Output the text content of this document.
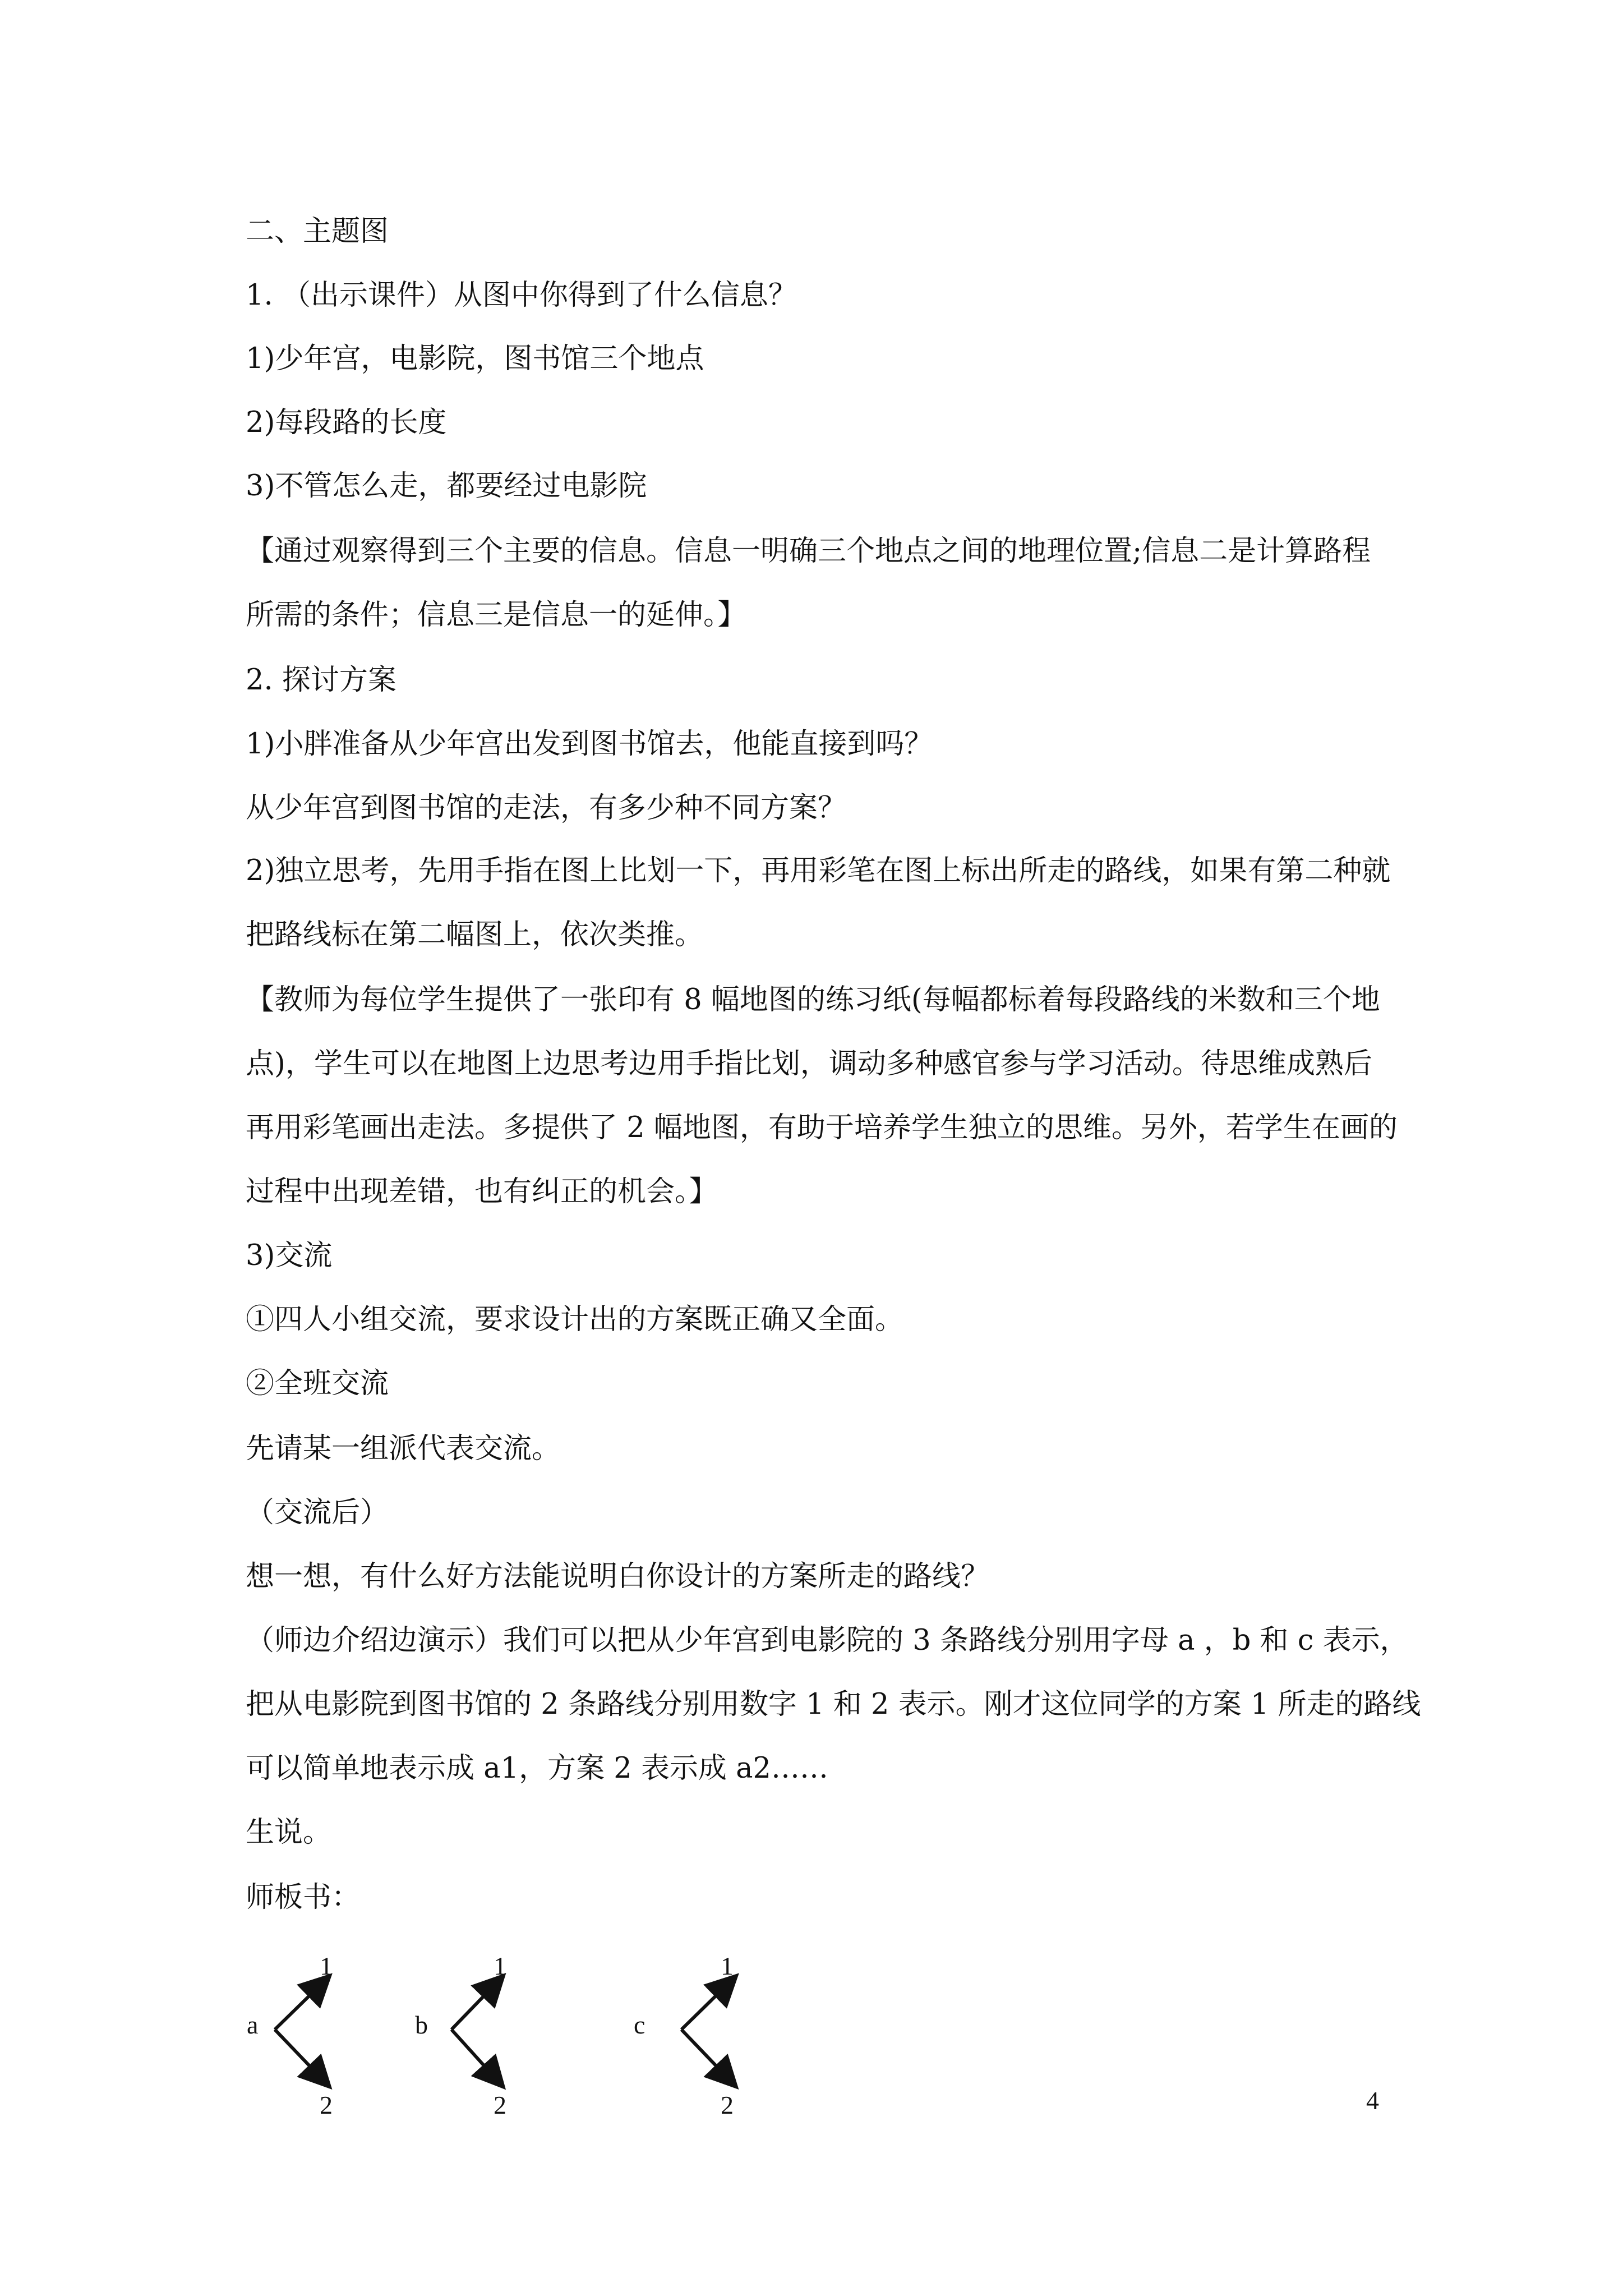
二、主题图
1. （出示课件）从图中你得到了什么信息？
1)少年宫，电影院，图书馆三个地点
2)每段路的长度
3)不管怎么走，都要经过电影院
【通过观察得到三个主要的信息。信息一明确三个地点之间的地理位置;信息二是计算路程
所需的条件；信息三是信息一的延伸。】
2. 探讨方案
1)小胖准备从少年宫出发到图书馆去，他能直接到吗？
从少年宫到图书馆的走法，有多少种不同方案？
2)独立思考，先用手指在图上比划一下，再用彩笔在图上标出所走的路线，如果有第二种就
把路线标在第二幅图上，依次类推。
【教师为每位学生提供了一张印有 8 幅地图的练习纸(每幅都标着每段路线的米数和三个地
点)，学生可以在地图上边思考边用手指比划，调动多种感官参与学习活动。待思维成熟后
再用彩笔画出走法。多提供了 2 幅地图，有助于培养学生独立的思维。另外，若学生在画的
过程中出现差错，也有纠正的机会。】
3)交流
①四人小组交流，要求设计出的方案既正确又全面。
②全班交流
先请某一组派代表交流。
（交流后）
想一想，有什么好方法能说明白你设计的方案所走的路线？
（师边介绍边演示）我们可以把从少年宫到电影院的 3 条路线分别用字母 a ，b 和 c 表示，
把从电影院到图书馆的 2 条路线分别用数字 1 和 2 表示。刚才这位同学的方案 1 所走的路线
可以简单地表示成 a1，方案 2 表示成 a2……
生说。
师板书：
a
1
2
b
1
2
c
1
2	4
